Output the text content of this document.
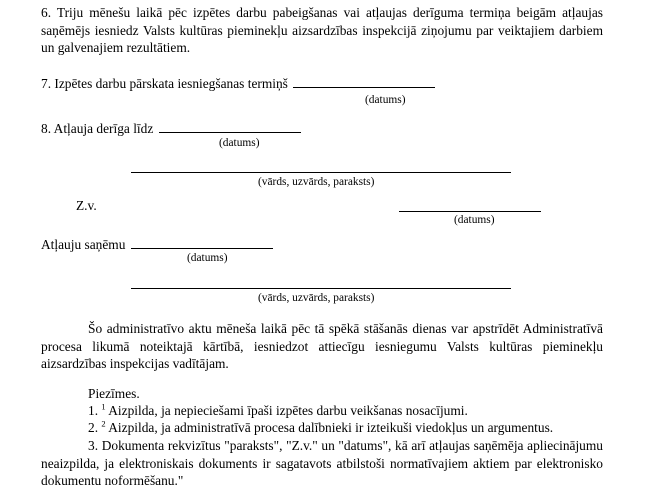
6. Triju mēnešu laikā pēc izpētes darbu pabeigšanas vai atļaujas derīguma termiņa beigām atļaujas saņēmējs iesniedz Valsts kultūras pieminekļu aizsardzības inspekcijā ziņojumu par veiktajiem darbiem un galvenajiem rezultātiem.
7. Izpētes darbu pārskata iesniegšanas termiņš
(datums)
8. Atļauja derīga līdz
(datums)
(vārds, uzvārds, paraksts)
Z.v.
(datums)
Atļauju saņēmu
(datums)
(vārds, uzvārds, paraksts)
Šo administratīvo aktu mēneša laikā pēc tā spēkā stāšanās dienas var apstrīdēt Administratīvā procesa likumā noteiktajā kārtībā, iesniedzot attiecīgu iesniegumu Valsts kultūras pieminekļu aizsardzības inspekcijas vadītājam.
Piezīmes.
1. $^1$ Aizpilda, ja nepieciešami īpaši izpētes darbu veikšanas nosacījumi.
2. $^2$ Aizpilda, ja administratīvā procesa dalībnieki ir izteikuši viedokļus un argumentus.
3. Dokumenta rekvizītus "paraksts", "Z.v." un "datums", kā arī atļaujas saņēmēja apliecinājumu neaizpilda, ja elektroniskais dokuments ir sagatavots atbilstoši normatīvajiem aktiem par elektronisko dokumentu noformēšanu."
